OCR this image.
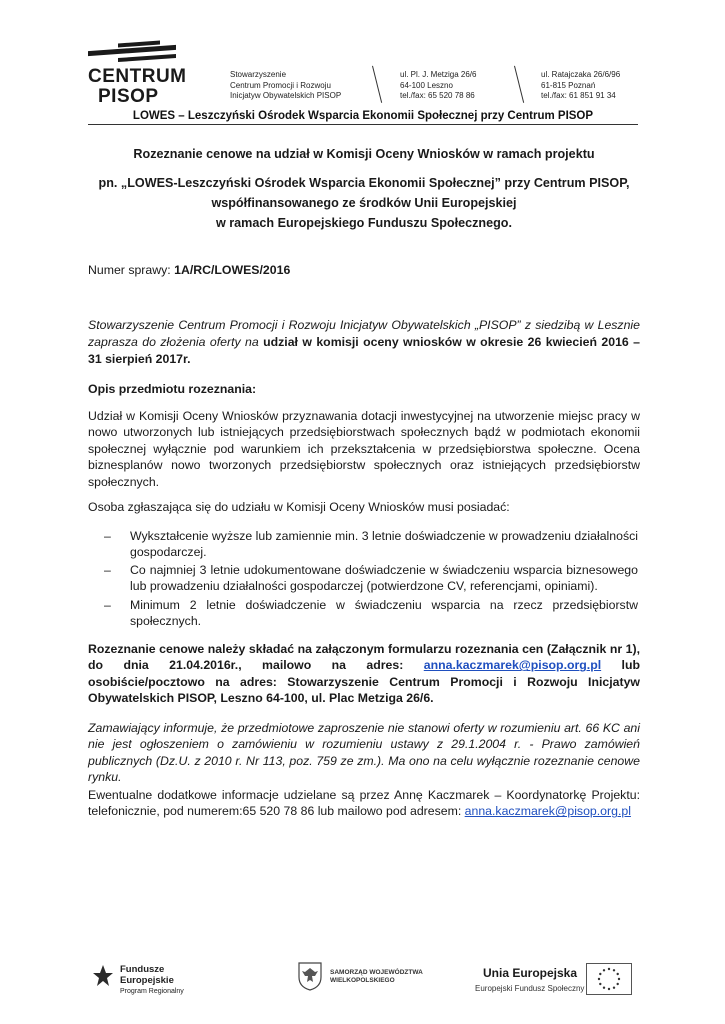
CENTRUM
PISOP
Stowarzyszenie
Centrum Promocji i Rozwoju
Inicjatyw Obywatelskich PISOP
ul. Pl. J. Metziga 26/6
64-100 Leszno
tel./fax: 65 520 78 86
ul. Ratajczaka 26/6/96
61-815 Poznań
tel./fax: 61 851 91 34
LOWES – Leszczyński Ośrodek Wsparcia Ekonomii Społecznej przy Centrum PISOP
Rozeznanie cenowe na udział w Komisji Oceny Wniosków w ramach projektu
pn. „LOWES-Leszczyński Ośrodek Wsparcia Ekonomii Społecznej” przy Centrum PISOP,
współfinansowanego ze środków Unii Europejskiej
w ramach Europejskiego Funduszu Społecznego.
Numer sprawy: 1A/RC/LOWES/2016
Stowarzyszenie Centrum Promocji i Rozwoju Inicjatyw Obywatelskich „PISOP” z siedzibą w Lesznie zaprasza do złożenia oferty na udział w komisji oceny wniosków w okresie 26 kwiecień 2016 – 31 sierpień 2017r.
Opis przedmiotu rozeznania:
Udział w Komisji Oceny Wniosków przyznawania dotacji inwestycyjnej na utworzenie miejsc pracy w nowo utworzonych lub istniejących przedsiębiorstwach społecznych bądź w podmiotach ekonomii społecznej wyłącznie pod warunkiem ich przekształcenia w przedsiębiorstwa społeczne. Ocena biznesplanów nowo tworzonych przedsiębiorstw społecznych oraz istniejących przedsiębiorstw społecznych.
Osoba zgłaszająca się do udziału w Komisji Oceny Wniosków musi posiadać:
–	Wykształcenie wyższe lub zamiennie min. 3 letnie doświadczenie w prowadzeniu działalności gospodarczej.
–	Co najmniej 3 letnie udokumentowane doświadczenie w świadczeniu wsparcia biznesowego lub prowadzeniu działalności gospodarczej (potwierdzone CV, referencjami, opiniami).
–	Minimum 2 letnie doświadczenie w świadczeniu wsparcia na rzecz przedsiębiorstw społecznych.
Rozeznanie cenowe należy składać na załączonym formularzu rozeznania cen (Załącznik nr 1), do dnia 21.04.2016r., mailowo na adres: anna.kaczmarek@pisop.org.pl lub osobiście/pocztowo na adres: Stowarzyszenie Centrum Promocji i Rozwoju Inicjatyw Obywatelskich PISOP, Leszno 64-100, ul. Plac Metziga 26/6.
Zamawiający informuje, że przedmiotowe zaproszenie nie stanowi oferty w rozumieniu art. 66 KC ani nie jest ogłoszeniem o zamówieniu w rozumieniu ustawy z 29.1.2004 r. - Prawo zamówień publicznych (Dz.U. z 2010 r. Nr 113, poz. 759 ze zm.). Ma ono na celu wyłącznie rozeznanie cenowe rynku.
Ewentualne dodatkowe informacje udzielane są przez Annę Kaczmarek – Koordynatorkę Projektu: telefonicznie, pod numerem:65 520 78 86 lub mailowo pod adresem: anna.kaczmarek@pisop.org.pl
Fundusze
Europejskie
Program Regionalny
SAMORZĄD WOJEWÓDZTWA
WIELKOPOLSKIEGO
Unia Europejska
Europejski Fundusz Społeczny
